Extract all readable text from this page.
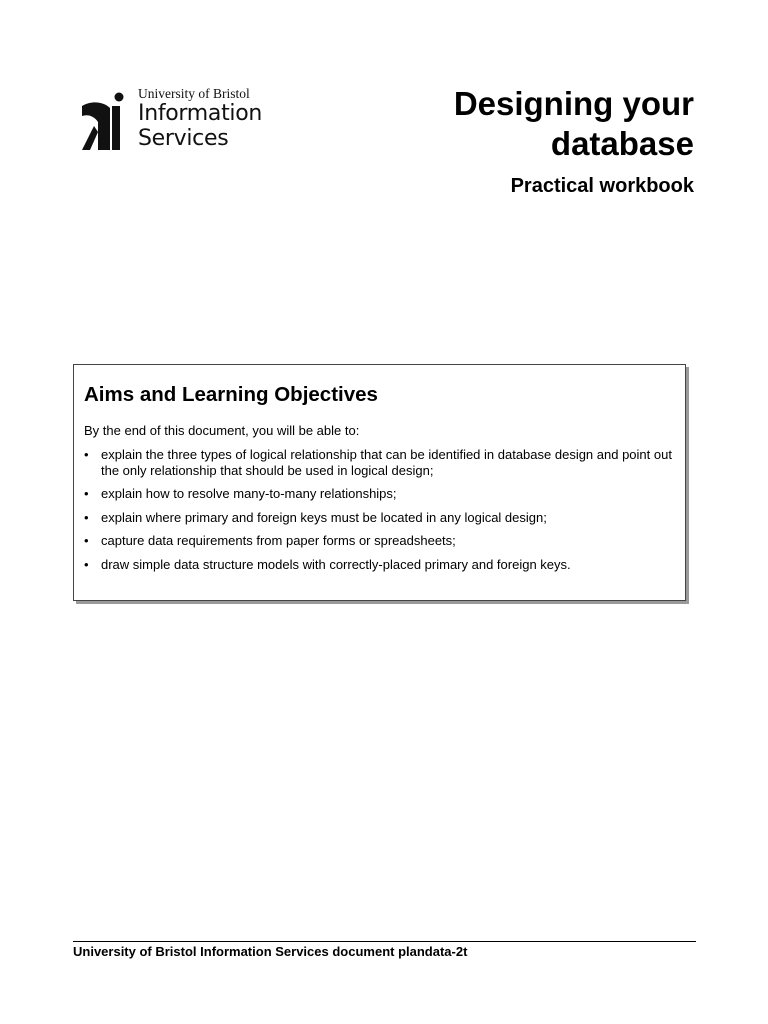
University of Bristol
Information
Services
Designing your
database
Practical workbook
Aims and Learning Objectives
By the end of this document, you will be able to:
• explain the three types of logical relationship that can be identified in database design and point out the only relationship that should be used in logical design;
• explain how to resolve many-to-many relationships;
• explain where primary and foreign keys must be located in any logical design;
• capture data requirements from paper forms or spreadsheets;
• draw simple data structure models with correctly-placed primary and foreign keys.
University of Bristol Information Services document plandata-2t
